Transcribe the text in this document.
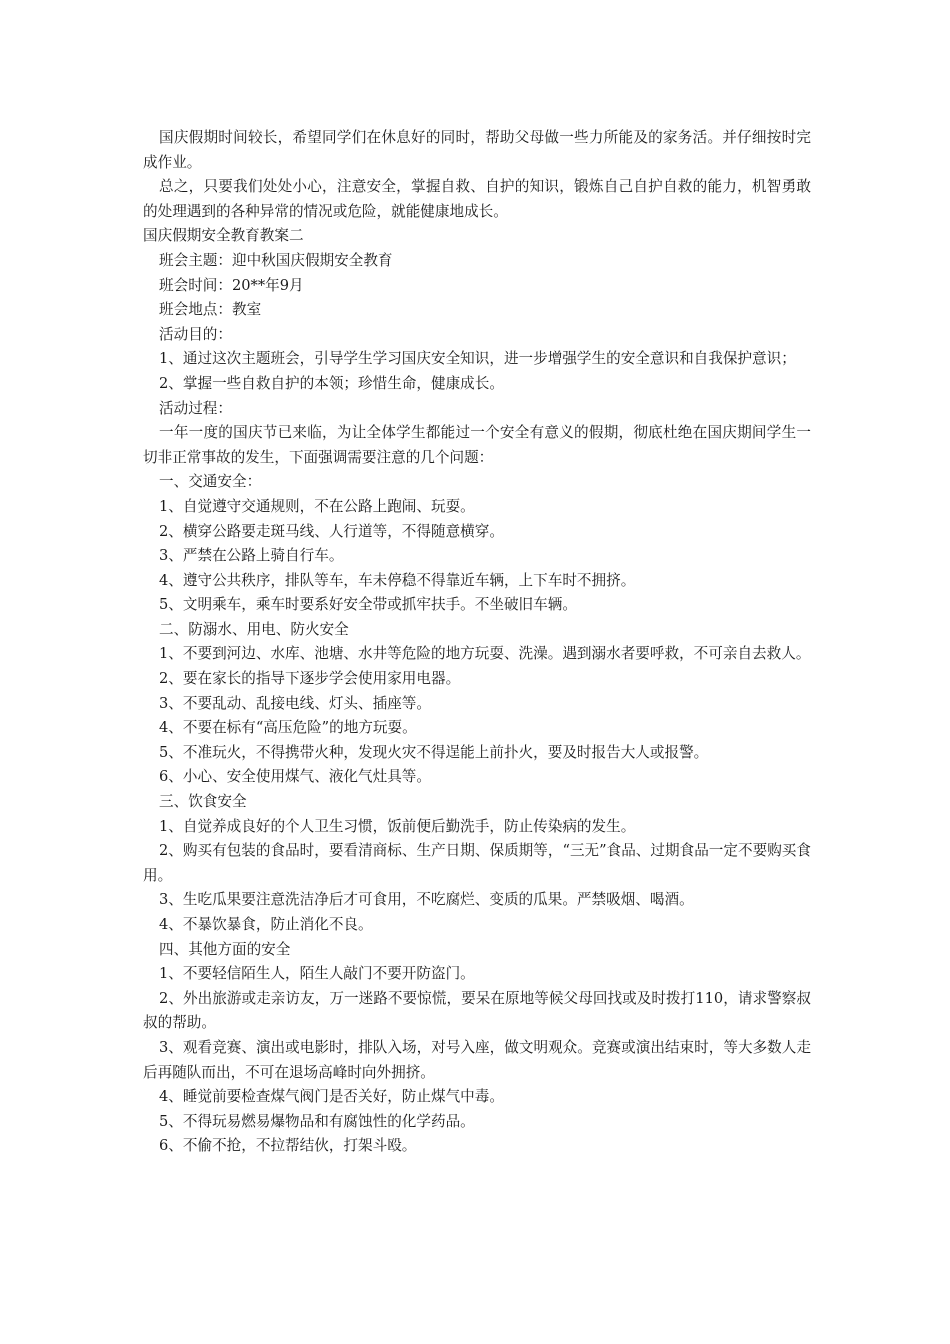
国庆假期时间较长，希望同学们在休息好的同时，帮助父母做一些力所能及的家务活。并仔细按时完成作业。

总之，只要我们处处小心，注意安全，掌握自救、自护的知识，锻炼自己自护自救的能力，机智勇敢的处理遇到的各种异常的情况或危险，就能健康地成长。

国庆假期安全教育教案二

班会主题：迎中秋国庆假期安全教育

班会时间：20**年9月

班会地点：教室

活动目的：

1、通过这次主题班会，引导学生学习国庆安全知识，进一步增强学生的安全意识和自我保护意识；

2、掌握一些自救自护的本领；珍惜生命，健康成长。

活动过程：

一年一度的国庆节已来临，为让全体学生都能过一个安全有意义的假期，彻底杜绝在国庆期间学生一切非正常事故的发生，下面强调需要注意的几个问题：

一、交通安全：

1、自觉遵守交通规则，不在公路上跑闹、玩耍。

2、横穿公路要走斑马线、人行道等，不得随意横穿。

3、严禁在公路上骑自行车。

4、遵守公共秩序，排队等车，车未停稳不得靠近车辆，上下车时不拥挤。

5、文明乘车，乘车时要系好安全带或抓牢扶手。不坐破旧车辆。

二、防溺水、用电、防火安全

1、不要到河边、水库、池塘、水井等危险的地方玩耍、洗澡。遇到溺水者要呼救，不可亲自去救人。

2、要在家长的指导下逐步学会使用家用电器。

3、不要乱动、乱接电线、灯头、插座等。

4、不要在标有“高压危险”的地方玩耍。

5、不准玩火，不得携带火种，发现火灾不得逞能上前扑火，要及时报告大人或报警。

6、小心、安全使用煤气、液化气灶具等。

三、饮食安全

1、自觉养成良好的个人卫生习惯，饭前便后勤洗手，防止传染病的发生。

2、购买有包装的食品时，要看清商标、生产日期、保质期等，“三无”食品、过期食品一定不要购买食用。

3、生吃瓜果要注意洗洁净后才可食用，不吃腐烂、变质的瓜果。严禁吸烟、喝酒。

4、不暴饮暴食，防止消化不良。

四、其他方面的安全

1、不要轻信陌生人，陌生人敲门不要开防盗门。

2、外出旅游或走亲访友，万一迷路不要惊慌，要呆在原地等候父母回找或及时拨打110，请求警察叔叔的帮助。

3、观看竞赛、演出或电影时，排队入场，对号入座，做文明观众。竞赛或演出结束时，等大多数人走后再随队而出，不可在退场高峰时向外拥挤。

4、睡觉前要检查煤气阀门是否关好，防止煤气中毒。

5、不得玩易燃易爆物品和有腐蚀性的化学药品。

6、不偷不抢，不拉帮结伙，打架斗殴。
